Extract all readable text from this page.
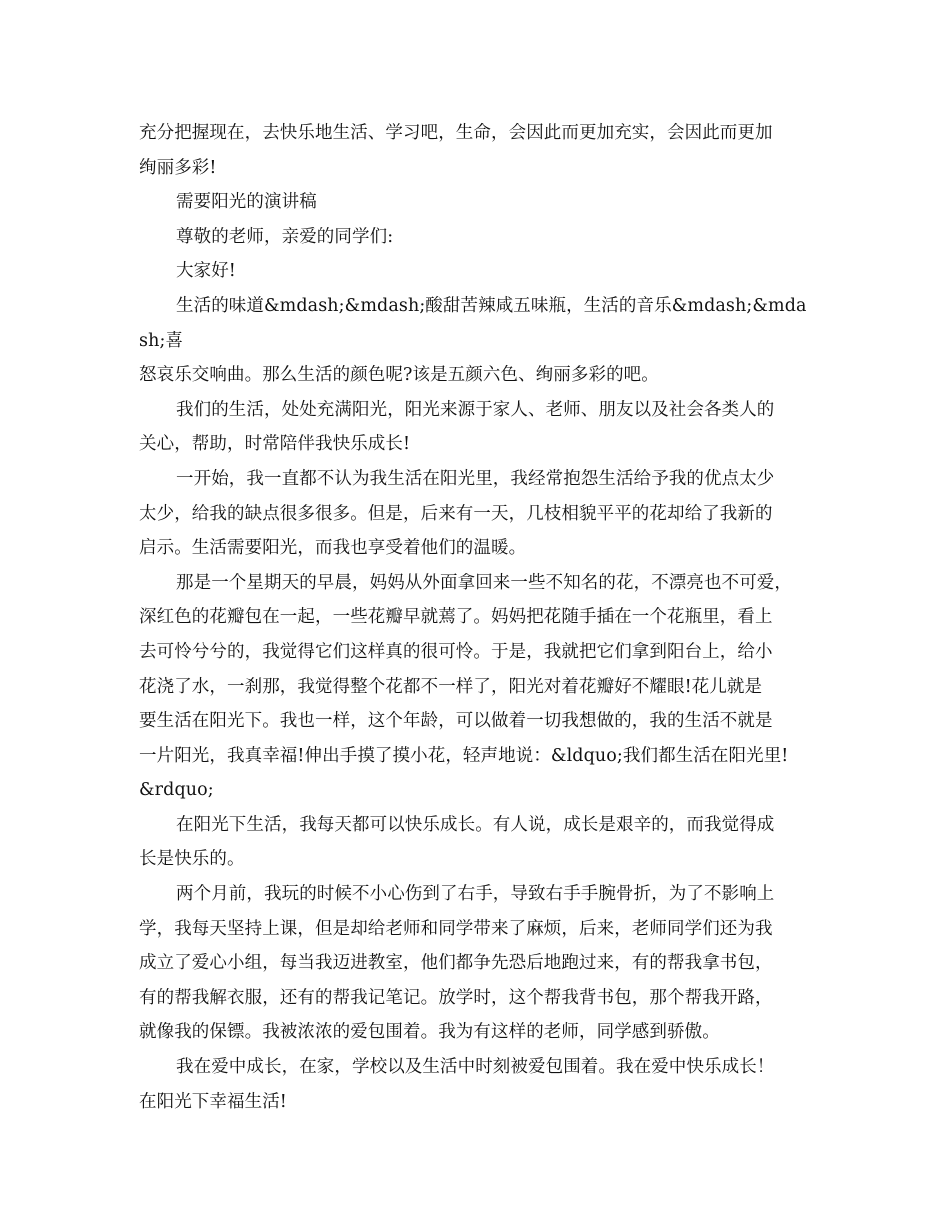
充分把握现在，去快乐地生活、学习吧，生命，会因此而更加充实，会因此而更加
绚丽多彩!
需要阳光的演讲稿
尊敬的老师，亲爱的同学们:
大家好!
生活的味道&mdash;&mdash;酸甜苦辣咸五味瓶，生活的音乐&mdash;&mdash;喜
怒哀乐交响曲。那么生活的颜色呢?该是五颜六色、绚丽多彩的吧。
我们的生活，处处充满阳光，阳光来源于家人、老师、朋友以及社会各类人的
关心，帮助，时常陪伴我快乐成长!
一开始，我一直都不认为我生活在阳光里，我经常抱怨生活给予我的优点太少
太少，给我的缺点很多很多。但是，后来有一天，几枝相貌平平的花却给了我新的
启示。生活需要阳光，而我也享受着他们的温暖。
那是一个星期天的早晨，妈妈从外面拿回来一些不知名的花，不漂亮也不可爱，
深红色的花瓣包在一起，一些花瓣早就蔫了。妈妈把花随手插在一个花瓶里，看上
去可怜兮兮的，我觉得它们这样真的很可怜。于是，我就把它们拿到阳台上，给小
花浇了水，一刹那，我觉得整个花都不一样了，阳光对着花瓣好不耀眼!花儿就是
要生活在阳光下。我也一样，这个年龄，可以做着一切我想做的，我的生活不就是
一片阳光，我真幸福!伸出手摸了摸小花，轻声地说：&ldquo;我们都生活在阳光里!
&rdquo;
在阳光下生活，我每天都可以快乐成长。有人说，成长是艰辛的，而我觉得成
长是快乐的。
两个月前，我玩的时候不小心伤到了右手，导致右手手腕骨折，为了不影响上
学，我每天坚持上课，但是却给老师和同学带来了麻烦，后来，老师同学们还为我
成立了爱心小组，每当我迈进教室，他们都争先恐后地跑过来，有的帮我拿书包，
有的帮我解衣服，还有的帮我记笔记。放学时，这个帮我背书包，那个帮我开路，
就像我的保镖。我被浓浓的爱包围着。我为有这样的老师，同学感到骄傲。
我在爱中成长，在家，学校以及生活中时刻被爱包围着。我在爱中快乐成长！
在阳光下幸福生活!
